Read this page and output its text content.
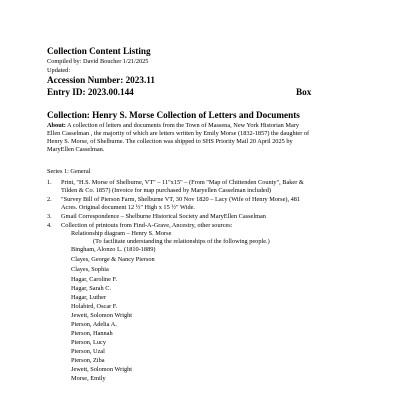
Collection Content Listing
Compiled by: David Boucher 1/21/2025
Updated:
Accession Number: 2023.11
Entry ID: 2023.00.144	Box
Collection: Henry S. Morse Collection of Letters and Documents
About: A collection of letters and documents from the Town of Massena, New York Historian Mary
Ellen Casselman , the majority of which are letters written by Emily Morse (1832-1857) the daughter of
Henry S. Morse, of Shelburne. The collection was shipped to SHS Priority Mail 20 April 2025 by
MaryEllen Casselman.
Series 1: General
1. Print, "H.S. Morse of Shelburne, VT" – 11"x15" – (From "Map of Chittenden County", Baker &
Tilden & Co. 1857) (Invoice for map purchased by Maryellen Casselman included)
2. "Survey Bill of Pierson Farm, Shelburne VT, 30 Nov 1820 – Lacy (Wife of Henry Morse), 481
Acres. Original document 12 ½" High x 15 ½" Wide.
3. Gmail Correspondence – Shelburne Historical Society and MaryEllen Casselman
4. Collection of printouts from Find-A-Grave, Ancestry, other sources:
Relationship diagram – Henry S. Morse
(To facilitate understanding the relationships of the following people.)
Bingham, Alonzo L. (1810-1889)
Clayes, George & Nancy Pierson
Clayes, Sophia
Hagar, Caroline F.
Hagar, Sarah C.
Hagar, Luther
Holabird, Oscar F.
Jewett, Solomon Wright
Pierson, Adelia A.
Pierson, Hannah
Pierson, Lucy
Pierson, Uzal
Pierson, Ziba
Jewett, Solomon Wright
Morse, Emily
